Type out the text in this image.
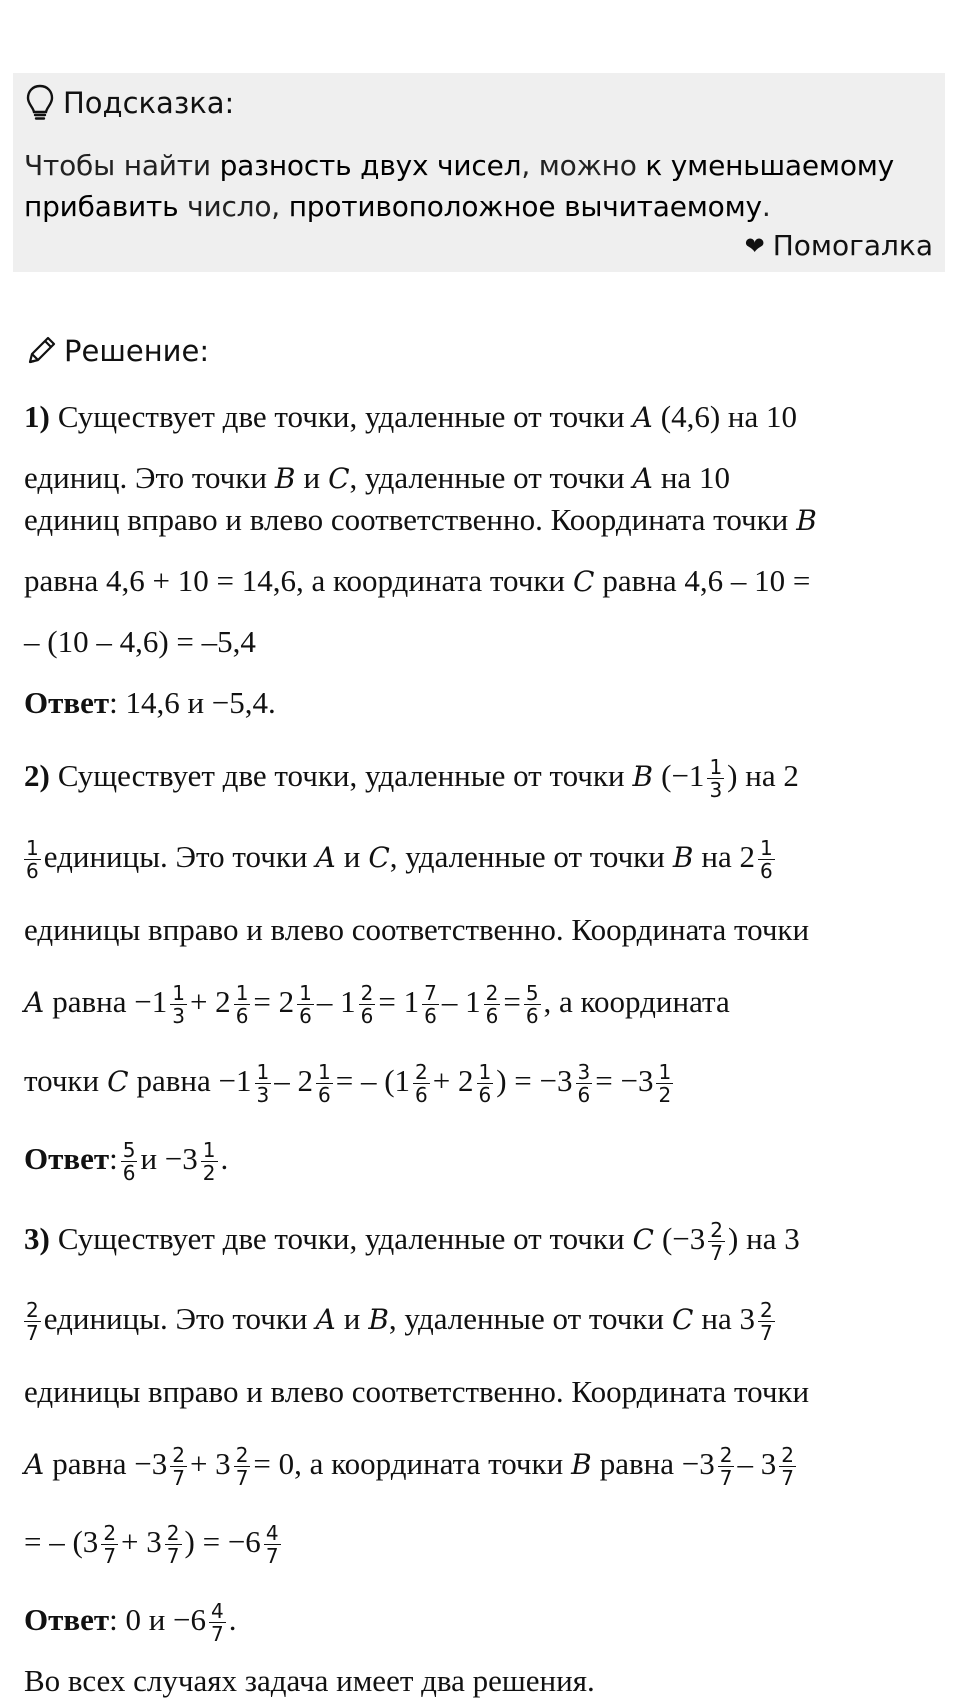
Подсказка:
Чтобы найти разность двух чисел, можно к уменьшаемому
прибавить число, противоположное вычитаемому.
❤ Помогалка
Решение:
1) Существует две точки, удаленные от точки A (4,6) на 10
единиц. Это точки B и C , удаленные от точки A на 10
единиц вправо и влево соответственно. Координата точки B
равна 4,6 + 10 = 14,6, а координата точки C равна 4,6 – 10 =
– (10 – 4,6) = –5,4
Ответ : 14,6 и −5,4.
2) Существует две точки, удаленные от точки B ($-1 \frac{1}{3}$ ) на 2
$\frac{1}{6}$ единицы. Это точки A и C , удаленные от точки B на $2 \frac{1}{6}$
единицы вправо и влево соответственно. Координата точки
A равна $-1 \frac{1}{3} + 2 \frac{1}{6} = 2 \frac{1}{6} - 1 \frac{2}{6} = 1 \frac{7}{6} - 1 \frac{2}{6} = \frac{5}{6}$ , а координата
точки C равна $-1 \frac{1}{3} - 2 \frac{1}{6}$ = – ($1 \frac{2}{6} + 2 \frac{1}{6}$ ) = $-3 \frac{3}{6} = -3 \frac{1}{2}$
Ответ : $\frac{5}{6}$ $и -3 \frac{1}{2}$ .
3) Существует две точки, удаленные от точки C ($-3 \frac{2}{7}$ ) на 3
$\frac{2}{7}$ единицы. Это точки A и B , удаленные от точки C на $3 \frac{2}{7}$
единицы вправо и влево соответственно. Координата точки
A равна $-3 \frac{2}{7} + 3 \frac{2}{7} = 0$, а координата точки B равна $-3 \frac{2}{7} - 3 \frac{2}{7}$
= – ($3 \frac{2}{7} + 3 \frac{2}{7}$ ) = $-6 \frac{4}{7}$
Ответ : 0 $и -6 \frac{4}{7}$ .
Во всех случаях задача имеет два решения.
